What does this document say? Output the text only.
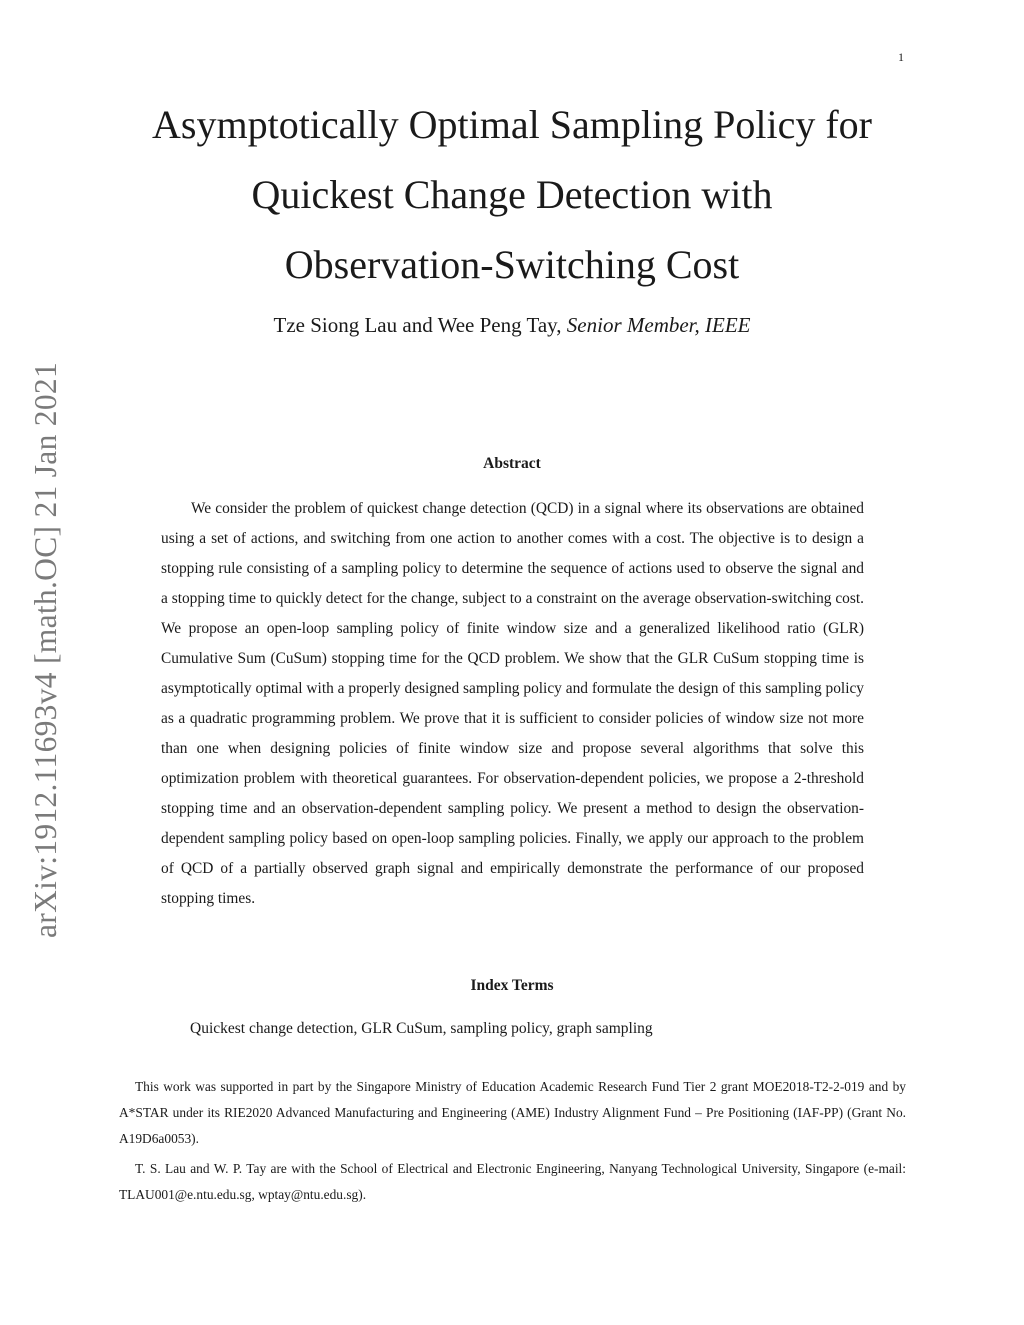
1
arXiv:1912.11693v4 [math.OC] 21 Jan 2021
Asymptotically Optimal Sampling Policy for
Quickest Change Detection with
Observation-Switching Cost
Tze Siong Lau and Wee Peng Tay, Senior Member, IEEE
Abstract

We consider the problem of quickest change detection (QCD) in a signal where its observations are obtained using a set of actions, and switching from one action to another comes with a cost. The objective is to design a stopping rule consisting of a sampling policy to determine the sequence of actions used to observe the signal and a stopping time to quickly detect for the change, subject to a constraint on the average observation-switching cost. We propose an open-loop sampling policy of finite window size and a generalized likelihood ratio (GLR) Cumulative Sum (CuSum) stopping time for the QCD problem. We show that the GLR CuSum stopping time is asymptotically optimal with a properly designed sampling policy and formulate the design of this sampling policy as a quadratic programming problem. We prove that it is sufficient to consider policies of window size not more than one when designing policies of finite window size and propose several algorithms that solve this optimization problem with theoretical guarantees. For observation-dependent policies, we propose a 2-threshold stopping time and an observation-dependent sampling policy. We present a method to design the observation-dependent sampling policy based on open-loop sampling policies. Finally, we apply our approach to the problem of QCD of a partially observed graph signal and empirically demonstrate the performance of our proposed stopping times.

Index Terms
Quickest change detection, GLR CuSum, sampling policy, graph sampling

This work was supported in part by the Singapore Ministry of Education Academic Research Fund Tier 2 grant MOE2018-T2-2-019 and by A*STAR under its RIE2020 Advanced Manufacturing and Engineering (AME) Industry Alignment Fund – Pre Positioning (IAF-PP) (Grant No. A19D6a0053).

T. S. Lau and W. P. Tay are with the School of Electrical and Electronic Engineering, Nanyang Technological University, Singapore (e-mail: TLAU001@e.ntu.edu.sg, wptay@ntu.edu.sg).
